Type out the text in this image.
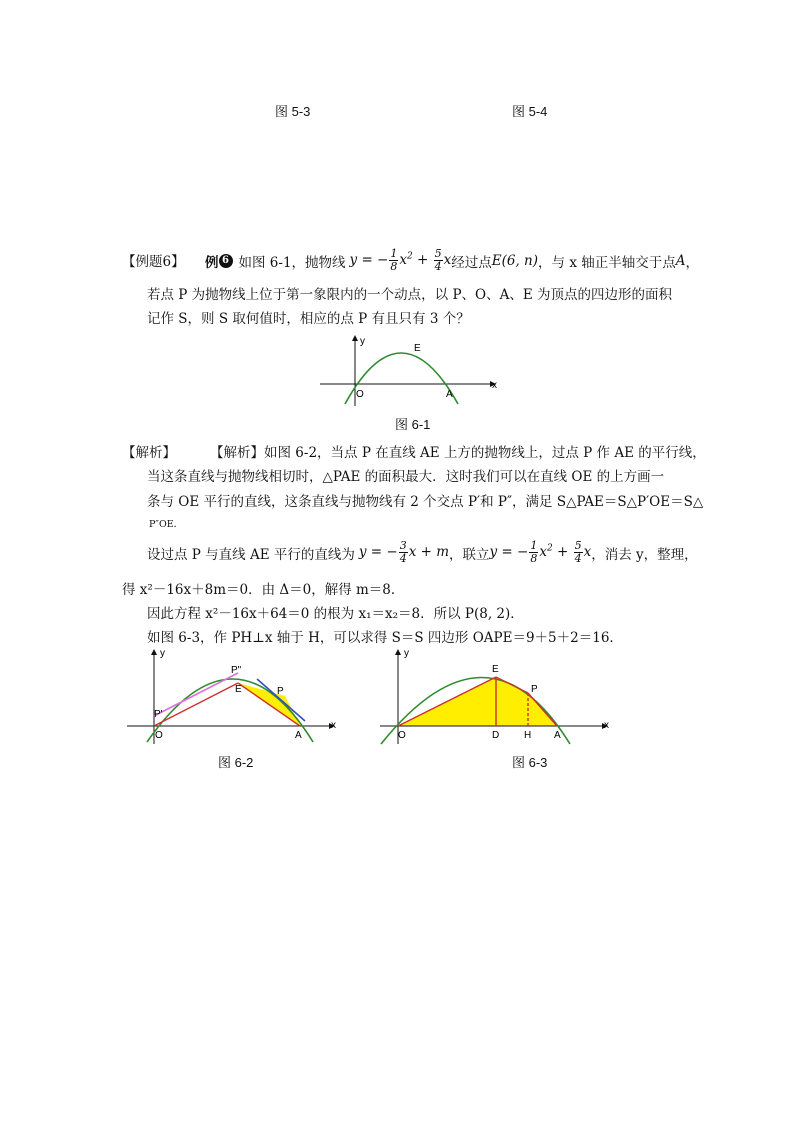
图 5-3	图 5-4
【例题6】 例 6 如图 6-1，抛物线 y = − $\frac{1}{8} x^2 + \frac{5}{4}$ x 经过点 E(6, n) ，与 x 轴正半轴交于点 A ，
若点 P 为抛物线上位于第一象限内的一个动点，以 P、O、A、E 为顶点的四边形的面积
记作 S，则 S 取何值时，相应的点 P 有且只有 3 个？
y
x
E
O	A
图 6-1
【解析】	【解析】如图 6-2，当点 P 在直线 AE 上方的抛物线上，过点 P 作 AE 的平行线，
当这条直线与抛物线相切时，△PAE 的面积最大．这时我们可以在直线 OE 的上方画一
条与 OE 平行的直线，这条直线与抛物线有 2 个交点 P′和 P″，满足 S△PAE＝S△P′OE＝S△
P″OE．
设过点 P 与直线 AE 平行的直线为 y = − $\frac{3}{4}$ x + m ，联立 y = − $\frac{1}{8} x^2 + \frac{5}{4}$ x ，消去 y，整理，
得 x²－16x＋8m＝0．由 Δ＝0，解得 m＝8．
因此方程 x²－16x＋64＝0 的根为 x₁＝x₂＝8．所以 P(8, 2)．
如图 6-3，作 PH⊥x 轴于 H，可以求得 S＝S 四边形 OAPE＝9＋5＋2＝16．
y
x
P"
E	P
P'
O	A
图 6-2
y
x
E
P
O	D H A
图 6-3
